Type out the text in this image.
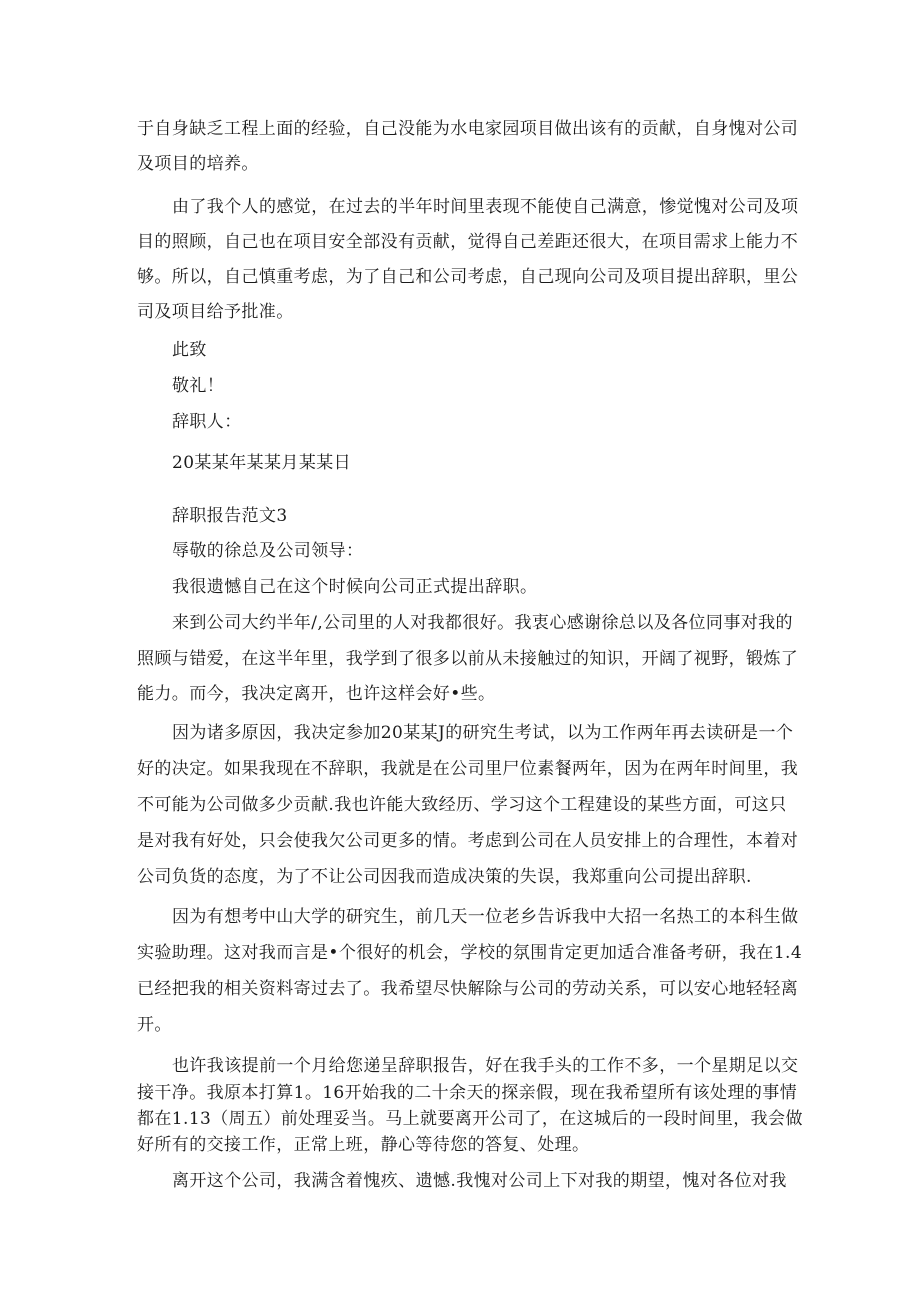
于自身缺乏工程上面的经验，自己没能为水电家园项目做出该有的贡献，自身愧对公司
及项目的培养。
由了我个人的感觉，在过去的半年时间里表现不能使自己满意，惨觉愧对公司及项
目的照顾，自己也在项目安全部没有贡献，觉得自己差距还很大，在项目需求上能力不
够。所以，自己慎重考虑，为了自己和公司考虑，自己现向公司及项目提出辞职，里公
司及项目给予批准。
此致
敬礼！
辞职人：
20某某年某某月某某日
辞职报告范文3
辱敬的徐总及公司领导：
我很遗憾自己在这个时候向公司正式提出辞职。
来到公司大约半年/,公司里的人对我都很好。我衷心感谢徐总以及各位同事对我的
照顾与错爱，在这半年里，我学到了很多以前从未接触过的知识，开阔了视野，锻炼了
能力。而今，我决定离开，也许这样会好•些。
因为诸多原因，我决定参加20某某J的研究生考试，以为工作两年再去读研是一个
好的决定。如果我现在不辞职，我就是在公司里尸位素餐两年，因为在两年时间里，我
不可能为公司做多少贡献.我也许能大致经历、学习这个工程建设的某些方面，可这只
是对我有好处，只会使我欠公司更多的情。考虑到公司在人员安排上的合理性，本着对
公司负货的态度，为了不让公司因我而造成决策的失误，我郑重向公司提出辞职.
因为有想考中山大学的研究生，前几天一位老乡告诉我中大招一名热工的本科生做
实验助理。这对我而言是•个很好的机会，学校的氛围肯定更加适合准备考研，我在1.4
已经把我的相关资料寄过去了。我希望尽快解除与公司的劳动关系，可以安心地轻轻离
开。
也许我该提前一个月给您递呈辞职报告，好在我手头的工作不多，一个星期足以交
接干净。我原本打算1。16开始我的二十余天的探亲假，现在我希望所有该处理的事情
都在1.13（周五）前处理妥当。马上就要离开公司了，在这城后的一段时间里，我会做
好所有的交接工作，正常上班，静心等待您的答复、处理。
离开这个公司，我满含着愧疚、遗憾.我愧对公司上下对我的期望，愧对各位对我
